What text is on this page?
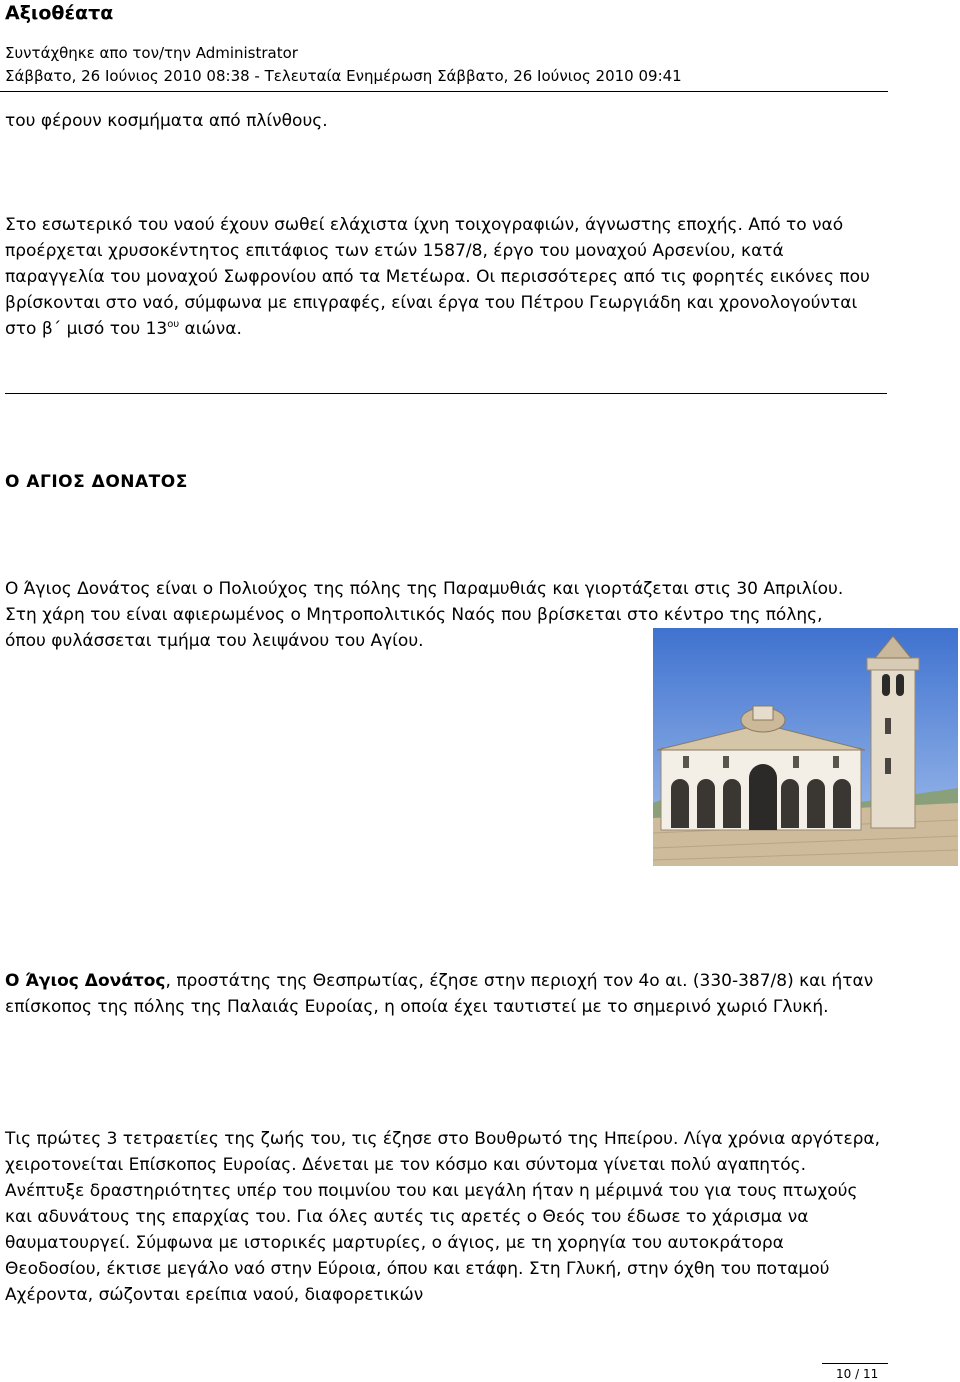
Αξιοθέατα
Συντάχθηκε απο τον/την Administrator
Σάββατο, 26 Ιούνιος 2010 08:38 - Τελευταία Ενημέρωση Σάββατο, 26 Ιούνιος 2010 09:41

του φέρουν κοσμήματα από πλίνθους.

Στο εσωτερικό του ναού έχουν σωθεί ελάχιστα ίχνη τοιχογραφιών, άγνωστης εποχής. Από το ναό προέρχεται χρυσοκέντητος επιτάφιος των ετών 1587/8, έργο του μοναχού Αρσενίου, κατά παραγγελία του μοναχού Σωφρονίου από τα Μετέωρα. Οι περισσότερες από τις φορητές εικόνες που βρίσκονται στο ναό, σύμφωνα με επιγραφές, είναι έργα του Πέτρου Γεωργιάδη και χρονολογούνται στο β΄ μισό του $13^{o\upsilon}$ αιώνα.

Ο ΑΓΙΟΣ ΔΟΝΑΤΟΣ

Ο Άγιος Δονάτος είναι ο Πολιούχος της πόλης της Παραμυθιάς και γιορτάζεται στις 30 Απριλίου. Στη χάρη του είναι αφιερωμένος ο Μητροπολιτικός Ναός που βρίσκεται στο κέντρο της πόλης, όπου φυλάσσεται τμήμα του λειψάνου του Αγίου.

Ο Άγιος Δονάτος, προστάτης της Θεσπρωτίας, έζησε στην περιοχή τον 4ο αι. (330-387/8) και ήταν επίσκοπος της πόλης της Παλαιάς Ευροίας, η οποία έχει ταυτιστεί με το σημερινό χωριό Γλυκή.

Τις πρώτες 3 τετραετίες της ζωής του, τις έζησε στο Βουθρωτό της Ηπείρου. Λίγα χρόνια αργότερα, χειροτονείται Επίσκοπος Ευροίας. Δένεται με τον κόσμο και σύντομα γίνεται πολύ αγαπητός. Ανέπτυξε δραστηριότητες υπέρ του ποιμνίου του και μεγάλη ήταν η μέριμνά του για τους πτωχούς και αδυνάτους της επαρχίας του. Για όλες αυτές τις αρετές ο Θεός του έδωσε το χάρισμα να θαυματουργεί. Σύμφωνα με ιστορικές μαρτυρίες, ο άγιος, με τη χορηγία του αυτοκράτορα Θεοδοσίου, έκτισε μεγάλο ναό στην Εύροια, όπου και ετάφη. Στη Γλυκή, στην όχθη του ποταμού Αχέροντα, σώζονται ερείπια ναού, διαφορετικών

10 / 11
